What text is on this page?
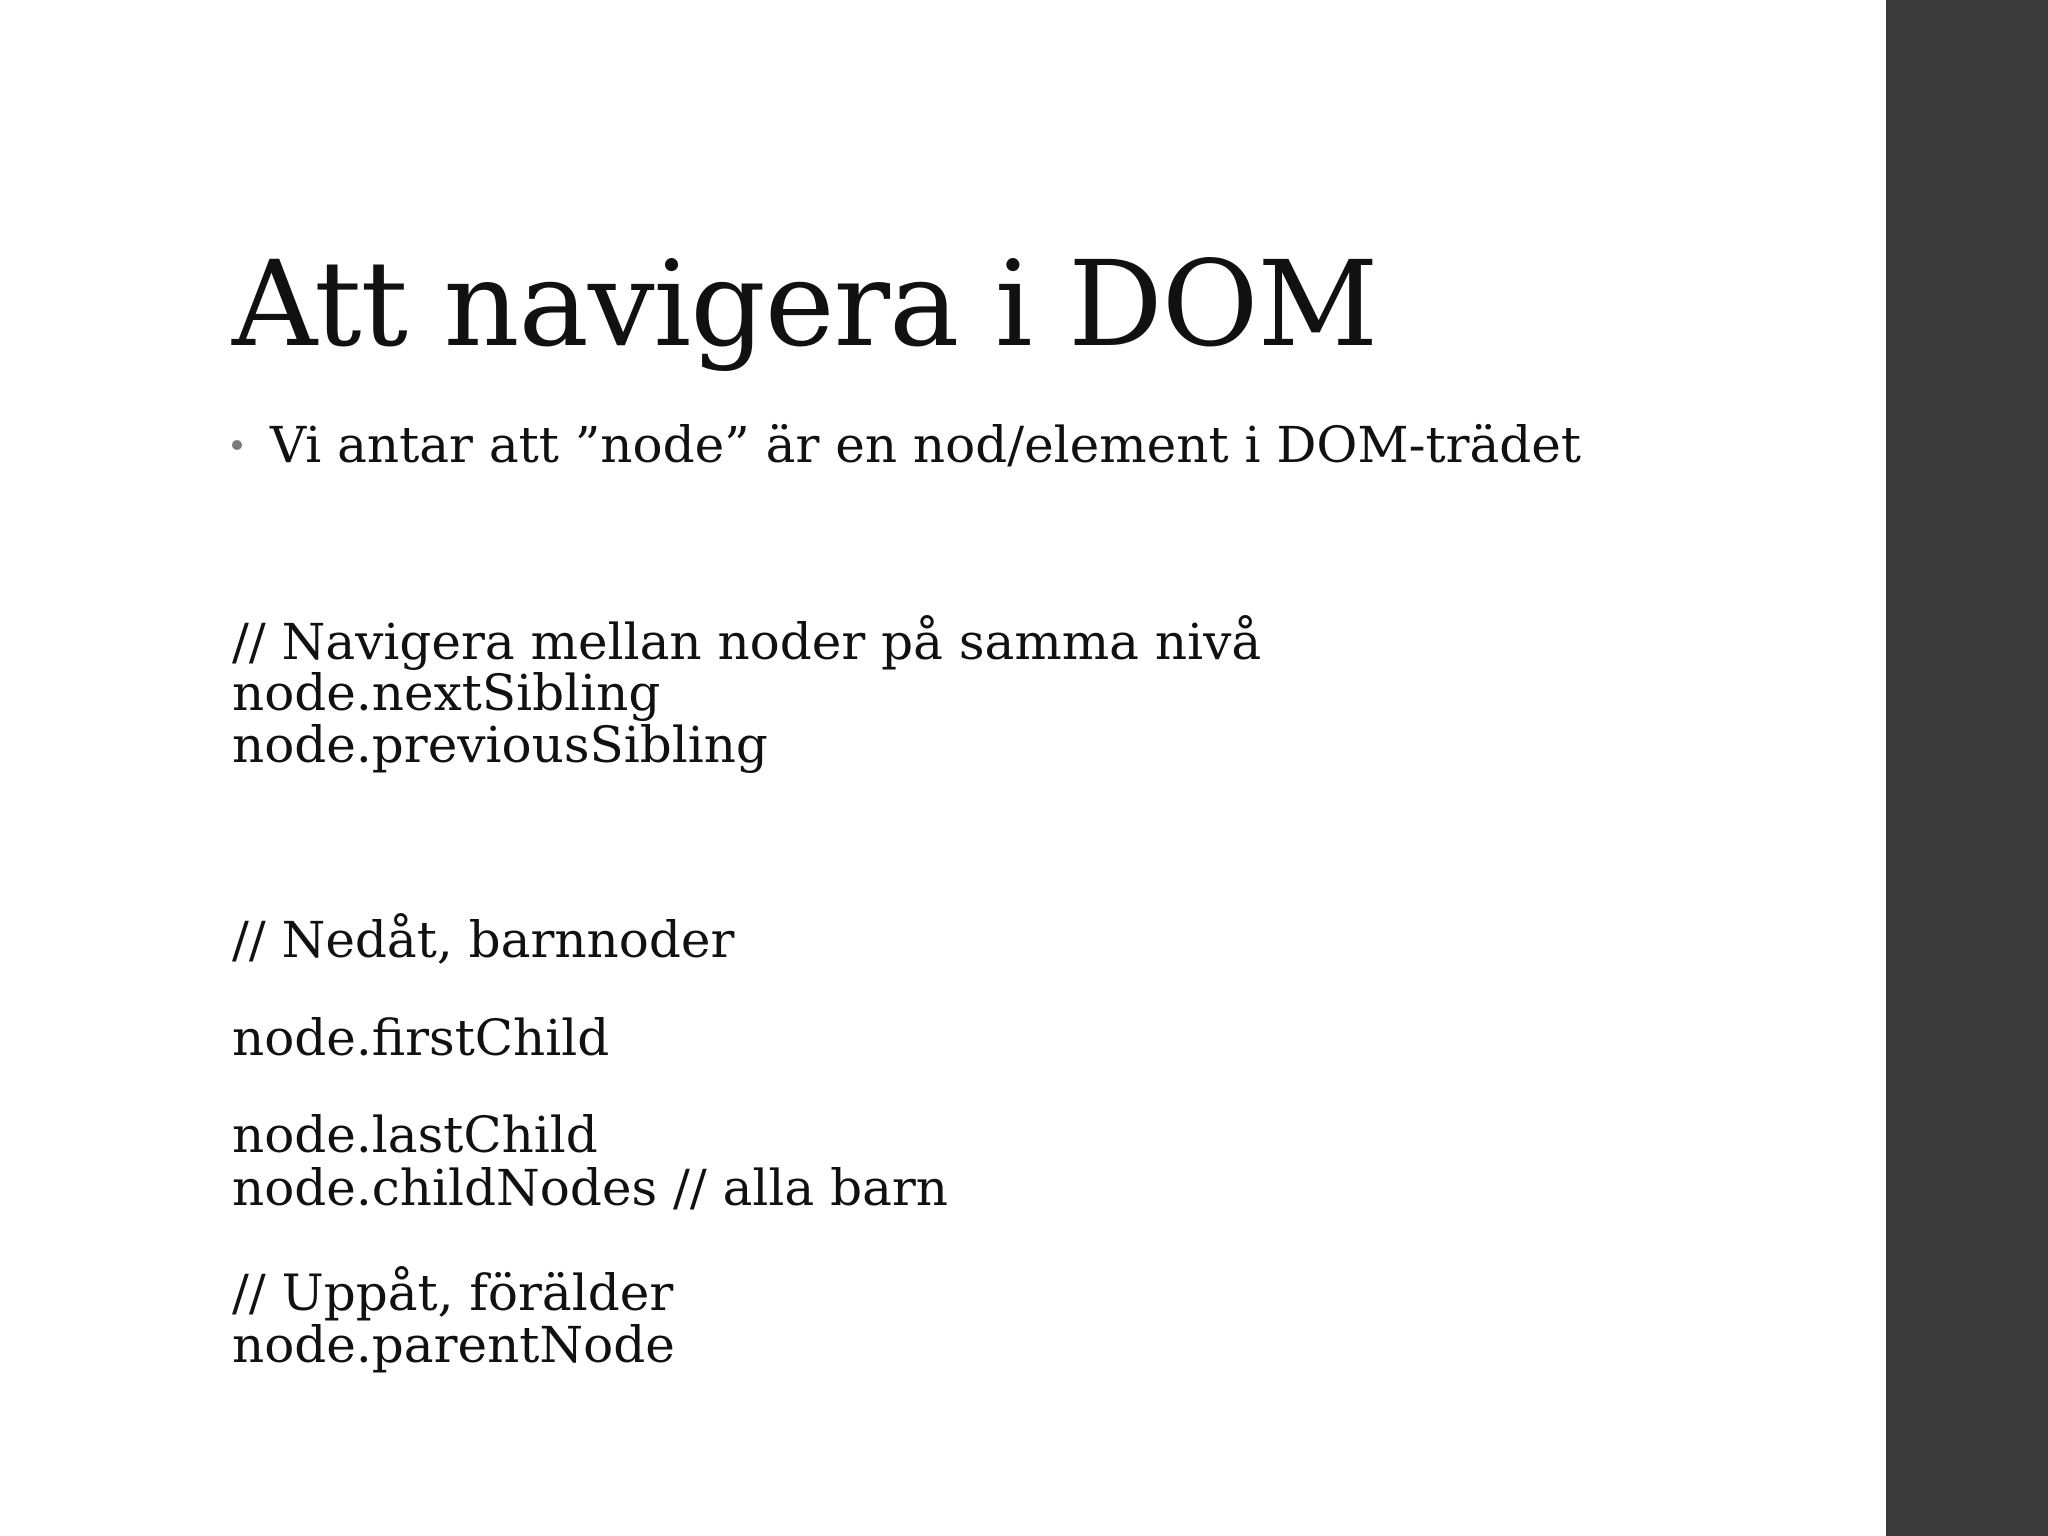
Att navigera i DOM
Vi antar att ”node” är en nod/element i DOM-trädet

// Navigera mellan noder på samma nivå

node.nextSibling

node.previousSibling

// Nedåt, barnnoder

node.firstChild

node.lastChild

node.childNodes // alla barn

// Uppåt, förälder

node.parentNode
